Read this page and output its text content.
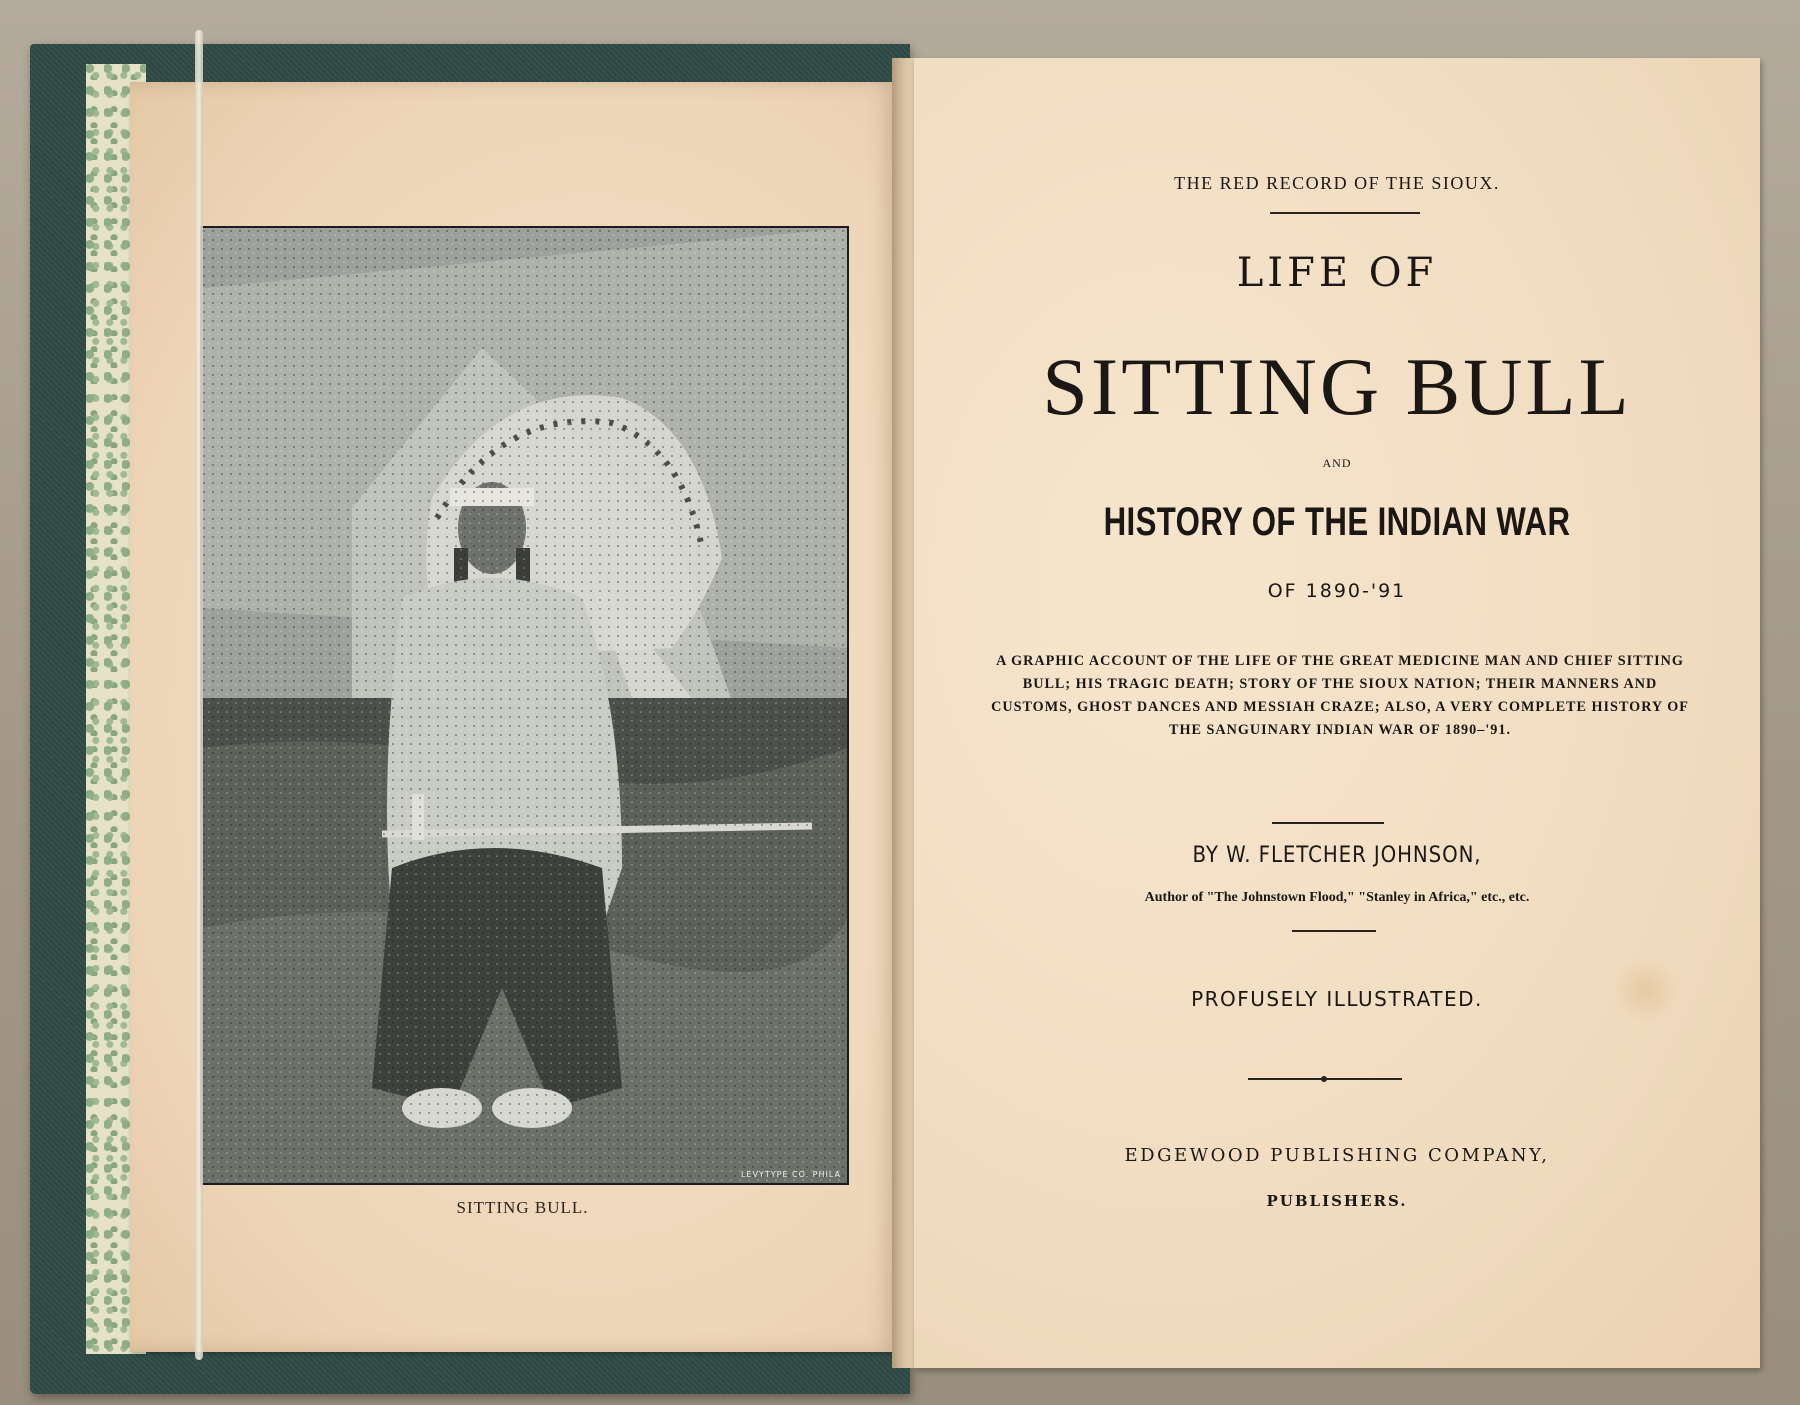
LEVYTYPE CO. PHILA
SITTING BULL.
THE RED RECORD OF THE SIOUX.
LIFE OF
SITTING BULL
AND
HISTORY OF THE INDIAN WAR
OF 1890-'91
A GRAPHIC ACCOUNT OF THE LIFE OF THE GREAT MEDICINE MAN AND CHIEF SITTING BULL; HIS TRAGIC DEATH; STORY OF THE SIOUX NATION; THEIR MANNERS AND CUSTOMS, GHOST DANCES AND MESSIAH CRAZE; ALSO, A VERY COMPLETE HISTORY OF THE SANGUINARY INDIAN WAR OF 1890–'91.
BY W. FLETCHER JOHNSON,
Author of "The Johnstown Flood," "Stanley in Africa," etc., etc.
PROFUSELY ILLUSTRATED.
EDGEWOOD PUBLISHING COMPANY,
PUBLISHERS.
